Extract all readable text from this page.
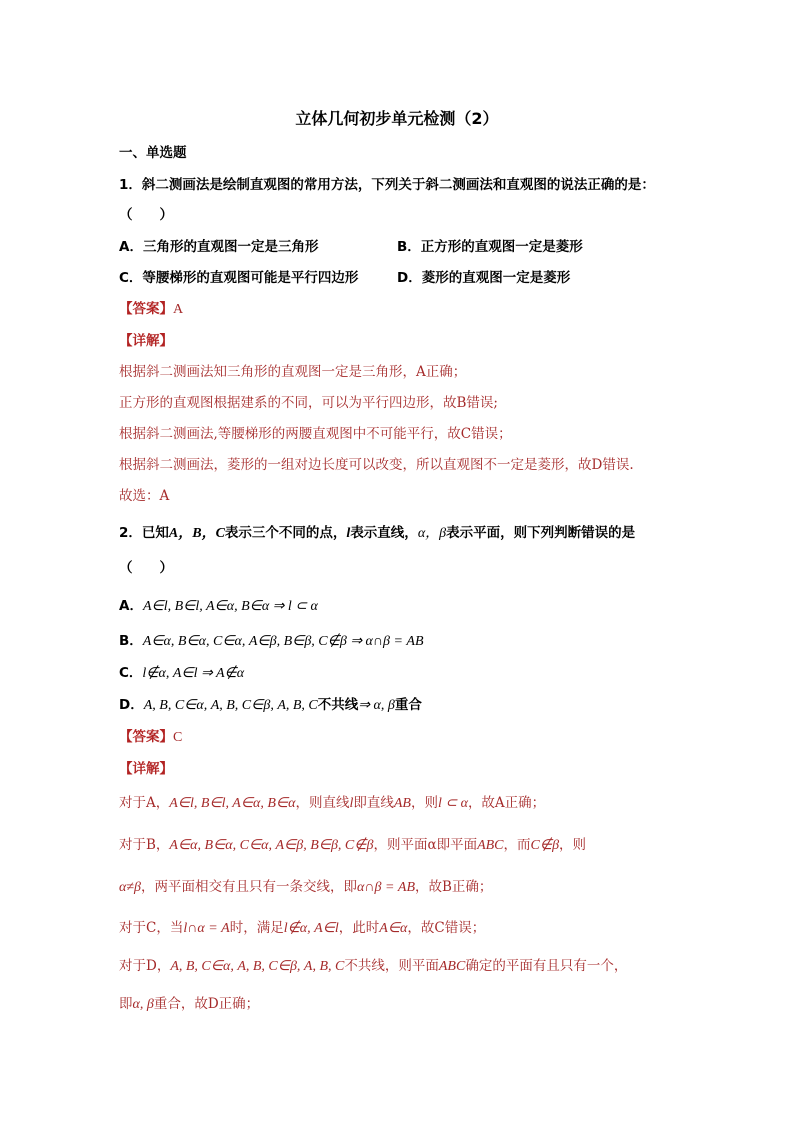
立体几何初步单元检测（2）
一、单选题
1．斜二测画法是绘制直观图的常用方法，下列关于斜二测画法和直观图的说法正确的是：
（　　）
A．三角形的直观图一定是三角形	B．正方形的直观图一定是菱形
C．等腰梯形的直观图可能是平行四边形	D．菱形的直观图一定是菱形
【答案】A
【详解】
根据斜二测画法知三角形的直观图一定是三角形，A正确；
正方形的直观图根据建系的不同，可以为平行四边形，故B错误;
根据斜二测画法,等腰梯形的两腰直观图中不可能平行，故C错误；
根据斜二测画法，菱形的一组对边长度可以改变，所以直观图不一定是菱形，故D错误.
故选：A
2．已知A，B，C表示三个不同的点，l表示直线，α，β表示平面，则下列判断错误的是
（　　）
A．A∈l, B∈l, A∈α, B∈α ⇒ l ⊂ α
B．A∈α, B∈α, C∈α, A∈β, B∈β, C∉β ⇒ α∩β = AB
C．l∉α, A∈l ⇒ A∉α
D．A, B, C∈α, A, B, C∈β, A, B, C不共线⇒ α, β重合
【答案】C
【详解】
对于A，A∈l, B∈l, A∈α, B∈α，则直线l即直线AB，则l ⊂ α，故A正确；
对于B，A∈α, B∈α, C∈α, A∈β, B∈β, C∉β，则平面α即平面ABC，而C∉β，则
α≠β，两平面相交有且只有一条交线，即α∩β = AB，故B正确；
对于C，当l∩α = A时，满足l∉α, A∈l，此时A∈α，故C错误；
对于D，A, B, C∈α, A, B, C∈β, A, B, C不共线，则平面ABC确定的平面有且只有一个，
即α, β重合，故D正确；
